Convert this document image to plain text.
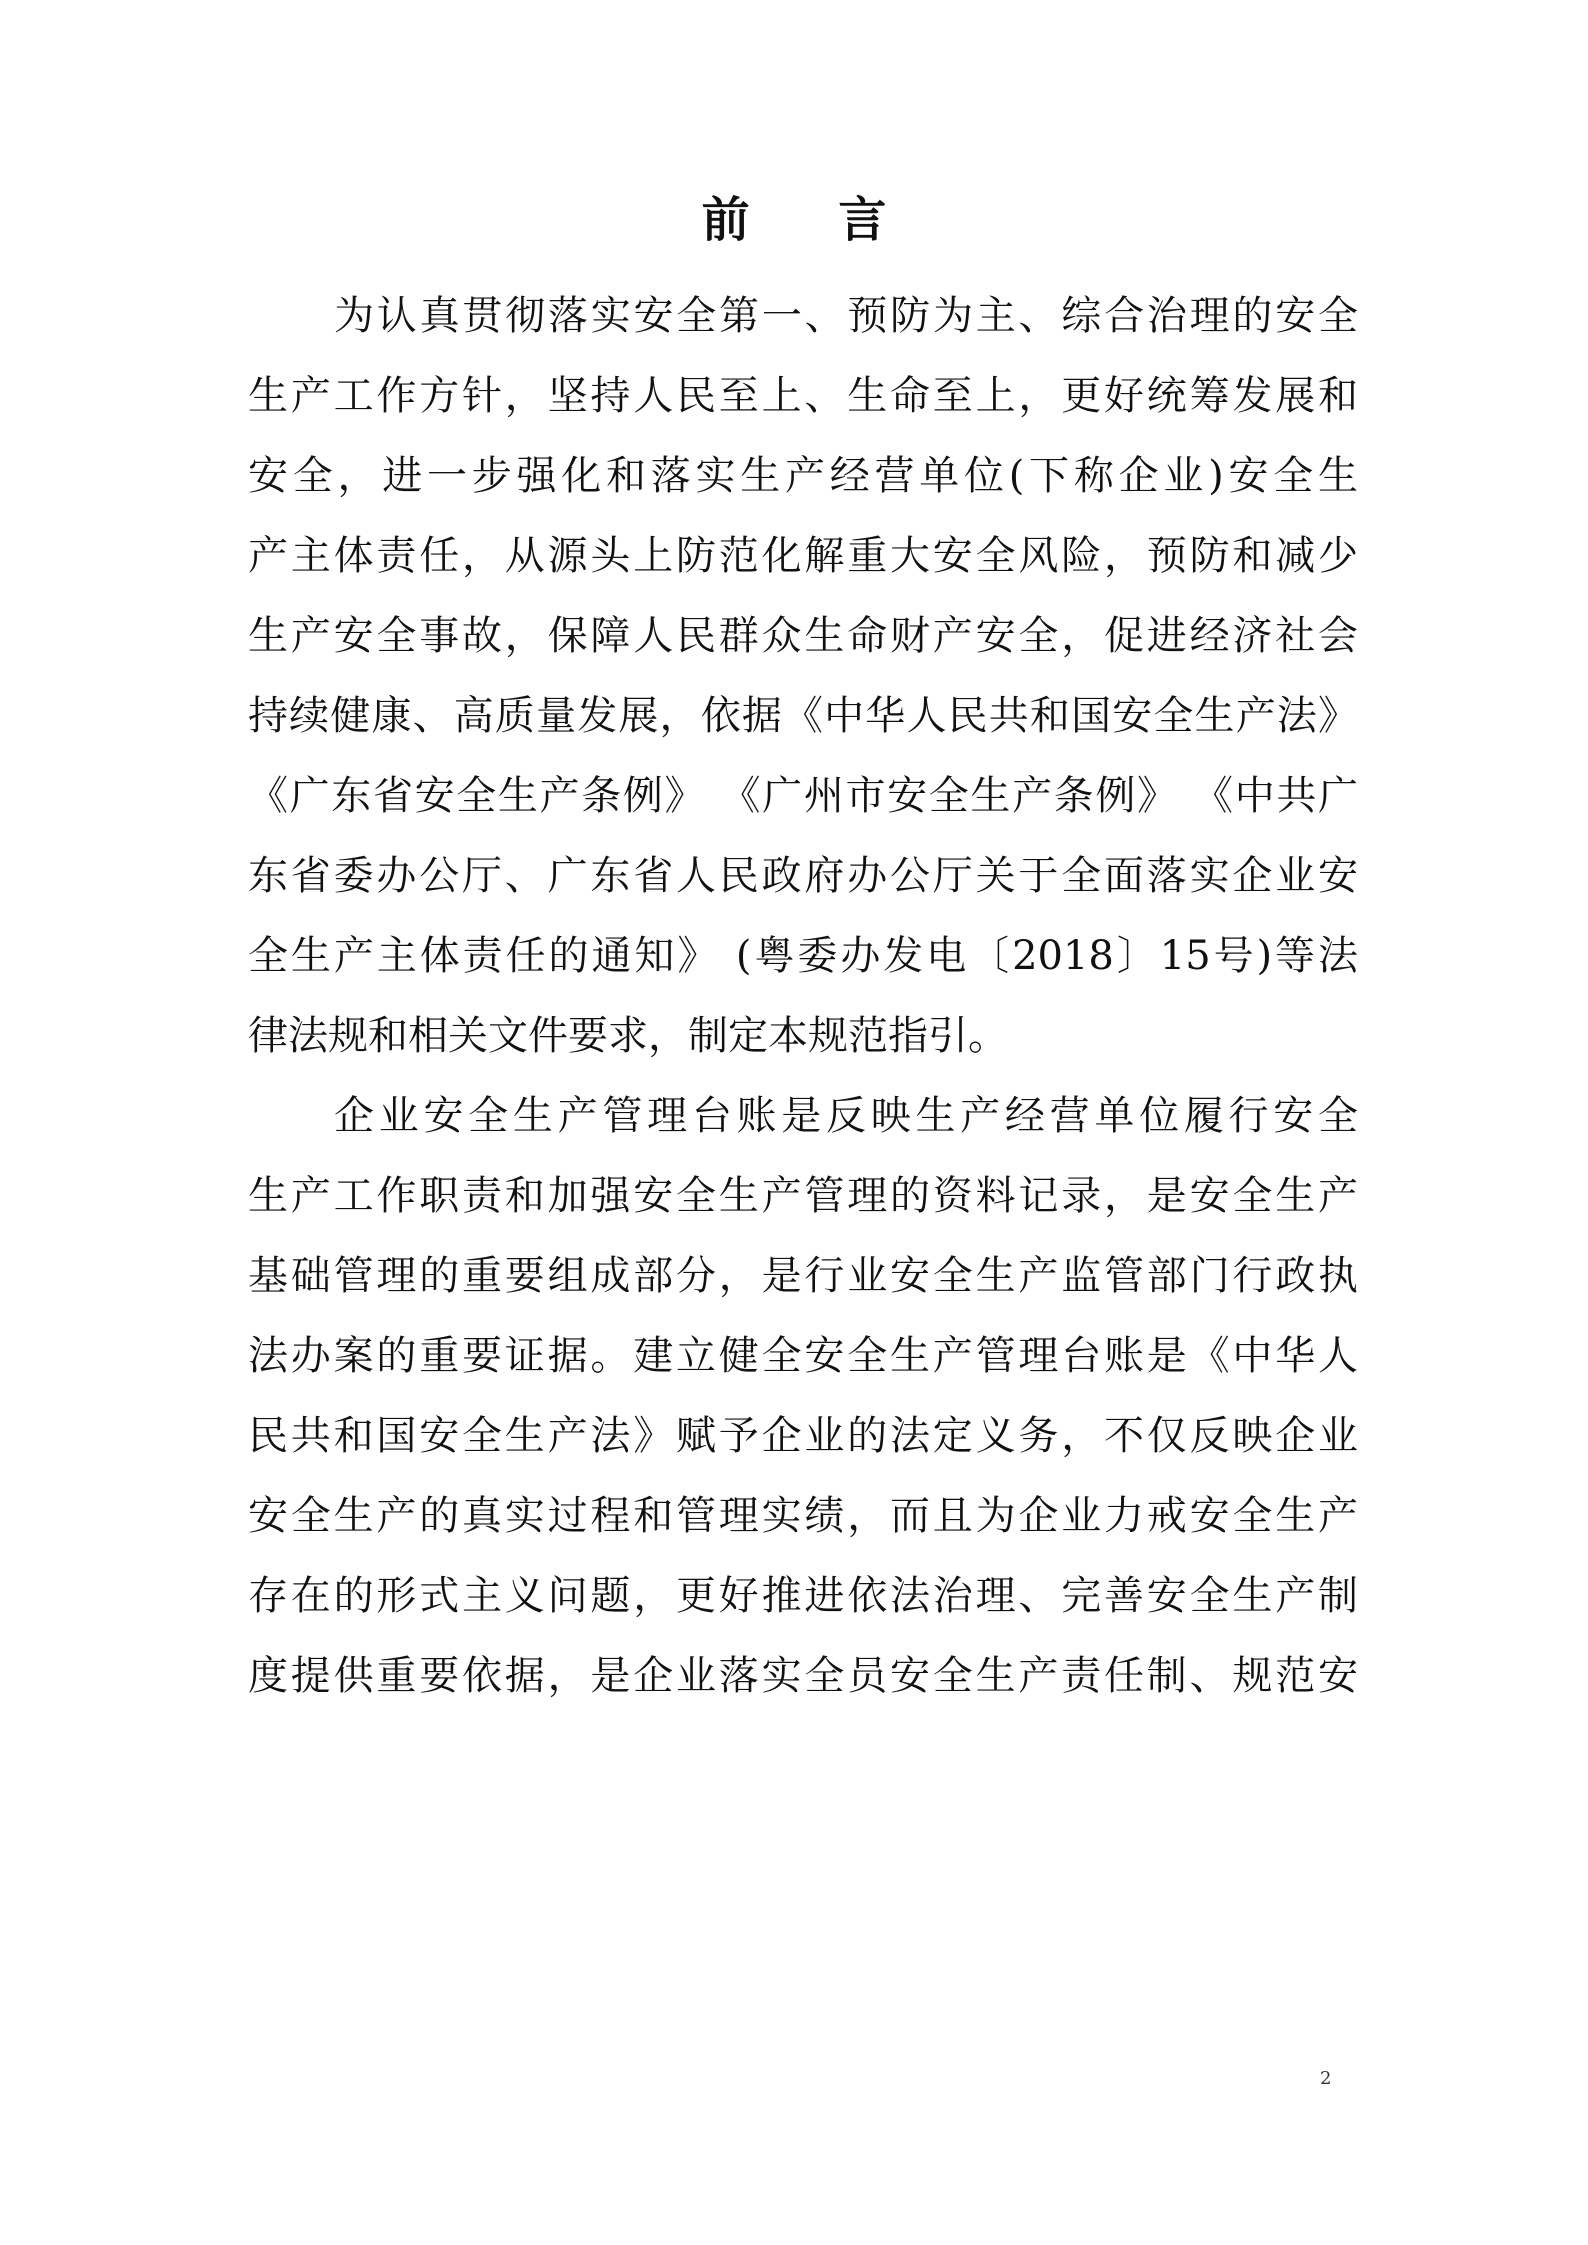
前 言
为认真贯彻落实安全第一、预防为主、综合治理的安全
生产工作方针，坚持人民至上、生命至上，更好统筹发展和
安全，进一步强化和落实生产经营单位(下称企业)安全生
产主体责任，从源头上防范化解重大安全风险，预防和减少
生产安全事故，保障人民群众生命财产安全，促进经济社会
持续健康、高质量发展，依据《中华人民共和国安全生产法》
《广东省安全生产条例》 《广州市安全生产条例》 《中共广
东省委办公厅、广东省人民政府办公厅关于全面落实企业安
全生产主体责任的通知》 (粤委办发电〔2018〕15号)等法
律法规和相关文件要求，制定本规范指引。
企业安全生产管理台账是反映生产经营单位履行安全
生产工作职责和加强安全生产管理的资料记录，是安全生产
基础管理的重要组成部分，是行业安全生产监管部门行政执
法办案的重要证据。建立健全安全生产管理台账是《中华人
民共和国安全生产法》赋予企业的法定义务，不仅反映企业
安全生产的真实过程和管理实绩，而且为企业力戒安全生产
存在的形式主义问题，更好推进依法治理、完善安全生产制
度提供重要依据，是企业落实全员安全生产责任制、规范安
2
